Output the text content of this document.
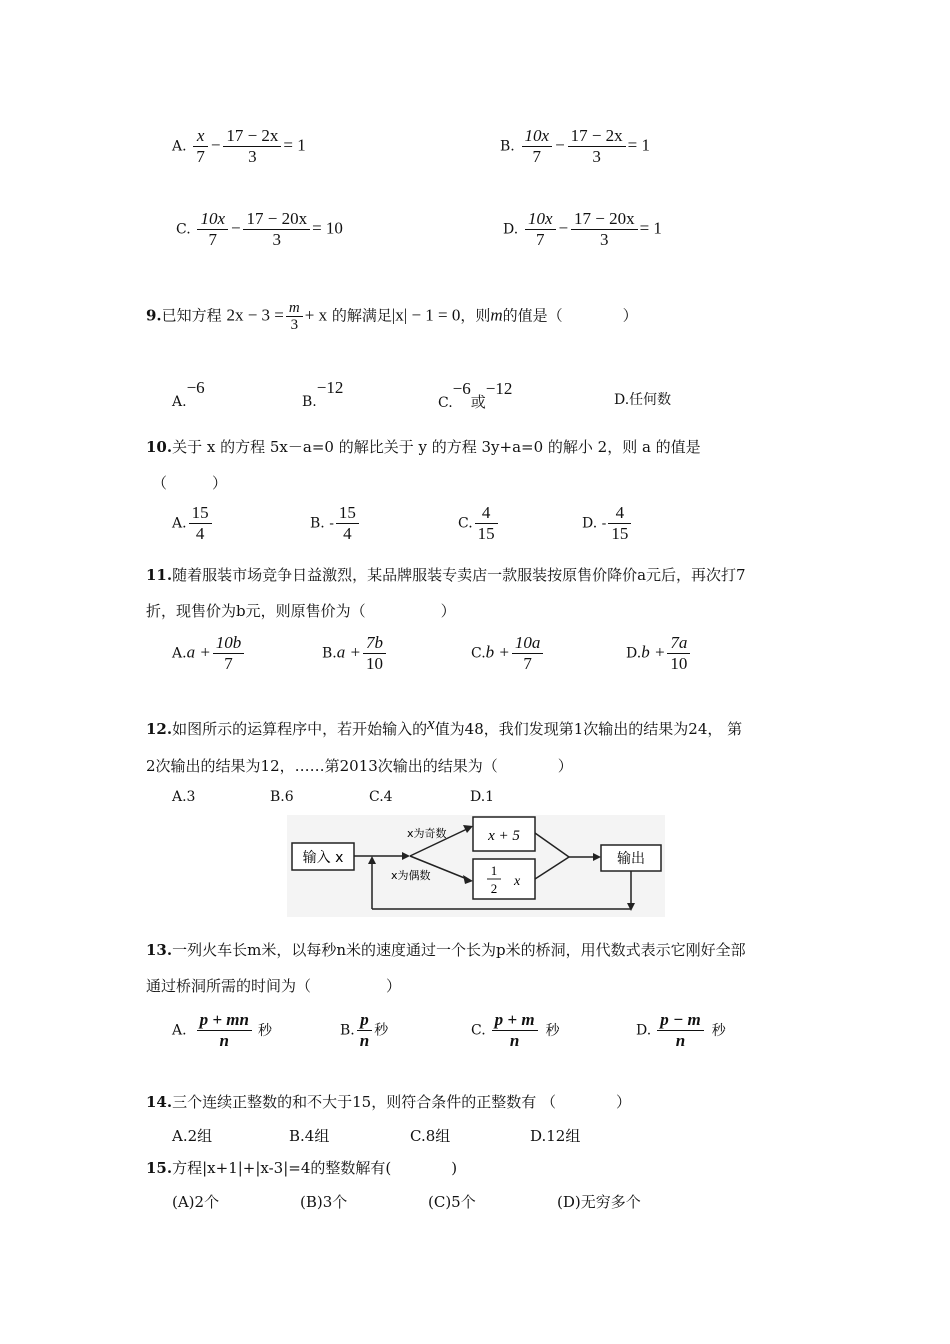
A. $\frac{x}{7} - \frac{17 - 2x}{3} = 1$	B. $\frac{10x}{7} - \frac{17 - 2x}{3} = 1$
C. $\frac{10x}{7} - \frac{17 - 20x}{3} = 10$	D. $\frac{10x}{7} - \frac{17 - 20x}{3} = 1$
9.已知方程 $2x - 3 = \frac{m}{3} + x$ 的解满足|x| − 1 = 0，则m的值是（　　　　）
A.−6
B.−12
C.−6或−12
D.任何数
10.关于 x 的方程 5x－a=0 的解比关于 y 的方程 3y+a=0 的解小 2，则 a 的值是
（　　　）
A. $\frac{15}{4}$	B. - $\frac{15}{4}$	C. $\frac{4}{15}$	D. - $\frac{4}{15}$
11.随着服装市场竞争日益激烈，某品牌服装专卖店一款服装按原售价降价a元后，再次打7
折，现售价为b元，则原售价为（　　　　　）
$A.a + \frac{10b}{7}$	$B.a + \frac{7b}{10}$	$C.b + \frac{10a}{7}$	$D.b + \frac{7a}{10}$
12.如图所示的运算程序中，若开始输入的x值为48，我们发现第1次输出的结果为24， 第
2次输出的结果为12，……第2013次输出的结果为（　　　　）
A.3	B.6	C.4	D.1
输入 x
x为奇数
x为偶数
x + 5
1
2 x
输出
13.一列火车长m米，以每秒n米的速度通过一个长为p米的桥洞，用代数式表示它刚好全部
通过桥洞所需的时间为（　　　　　）
A. $\frac{p + mn}{n}$ 秒	B. $\frac{p}{n}$ 秒	C. $\frac{p + m}{n}$ 秒	D. $\frac{p - m}{n}$ 秒
14.三个连续正整数的和不大于15，则符合条件的正整数有 （　　　　）
A.2组	B.4组	C.8组	D.12组
15.方程|x+1|+|x-3|=4的整数解有(　　　　)
(A)2个	(B)3个	(C)5个	(D)无穷多个
